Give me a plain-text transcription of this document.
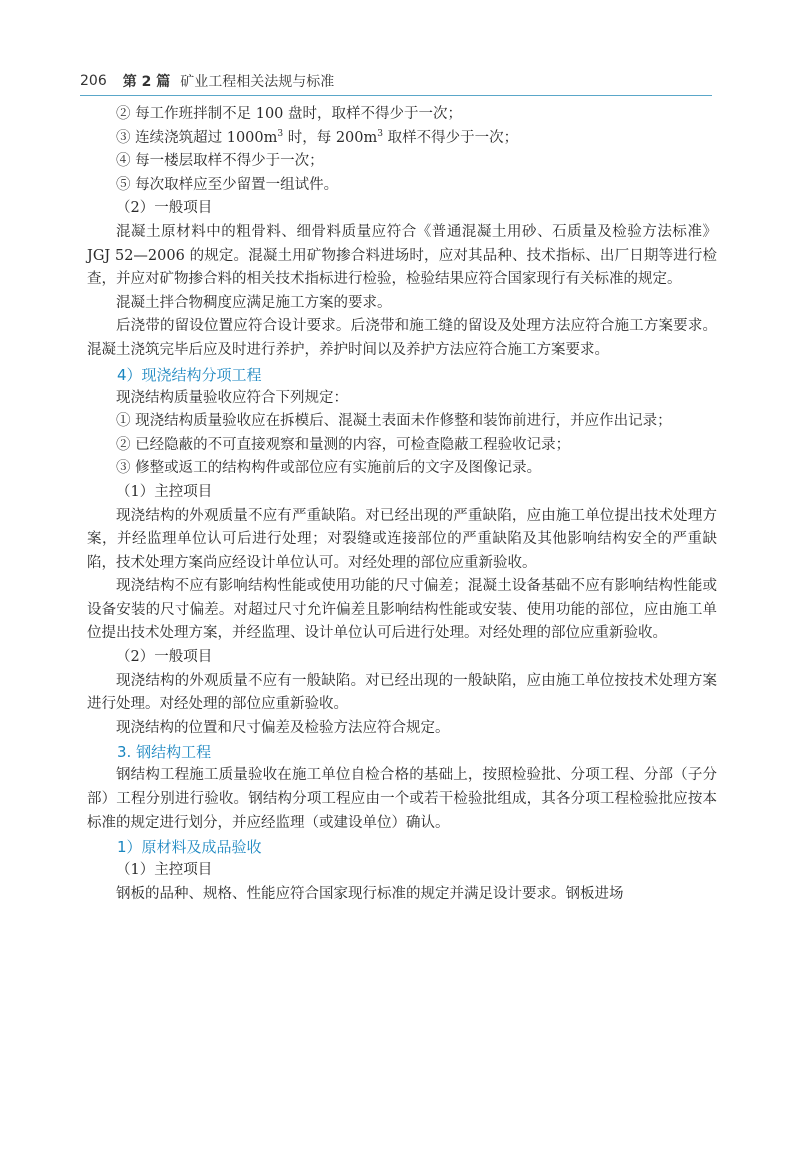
206 第 2 篇 矿业工程相关法规与标准

② 每工作班拌制不足 100 盘时，取样不得少于一次；

③ 连续浇筑超过 $1000m^3$ 时，每 $200m^3$ 取样不得少于一次；

④ 每一楼层取样不得少于一次；

⑤ 每次取样应至少留置一组试件。

（2）一般项目

混凝土原材料中的粗骨料、细骨料质量应符合《普通混凝土用砂、石质量及检验方法标准》JGJ 52—2006 的规定。混凝土用矿物掺合料进场时，应对其品种、技术指标、出厂日期等进行检查，并应对矿物掺合料的相关技术指标进行检验，检验结果应符合国家现行有关标准的规定。

混凝土拌合物稠度应满足施工方案的要求。

后浇带的留设位置应符合设计要求。后浇带和施工缝的留设及处理方法应符合施工方案要求。混凝土浇筑完毕后应及时进行养护，养护时间以及养护方法应符合施工方案要求。

4）现浇结构分项工程

现浇结构质量验收应符合下列规定：

① 现浇结构质量验收应在拆模后、混凝土表面未作修整和装饰前进行，并应作出记录；

② 已经隐蔽的不可直接观察和量测的内容，可检查隐蔽工程验收记录；

③ 修整或返工的结构构件或部位应有实施前后的文字及图像记录。

（1）主控项目

现浇结构的外观质量不应有严重缺陷。对已经出现的严重缺陷，应由施工单位提出技术处理方案，并经监理单位认可后进行处理；对裂缝或连接部位的严重缺陷及其他影响结构安全的严重缺陷，技术处理方案尚应经设计单位认可。对经处理的部位应重新验收。

现浇结构不应有影响结构性能或使用功能的尺寸偏差；混凝土设备基础不应有影响结构性能或设备安装的尺寸偏差。对超过尺寸允许偏差且影响结构性能或安装、使用功能的部位，应由施工单位提出技术处理方案，并经监理、设计单位认可后进行处理。对经处理的部位应重新验收。

（2）一般项目

现浇结构的外观质量不应有一般缺陷。对已经出现的一般缺陷，应由施工单位按技术处理方案进行处理。对经处理的部位应重新验收。

现浇结构的位置和尺寸偏差及检验方法应符合规定。

3. 钢结构工程

钢结构工程施工质量验收在施工单位自检合格的基础上，按照检验批、分项工程、分部（子分部）工程分别进行验收。钢结构分项工程应由一个或若干检验批组成，其各分项工程检验批应按本标准的规定进行划分，并应经监理（或建设单位）确认。

1）原材料及成品验收

（1）主控项目

钢板的品种、规格、性能应符合国家现行标准的规定并满足设计要求。钢板进场
